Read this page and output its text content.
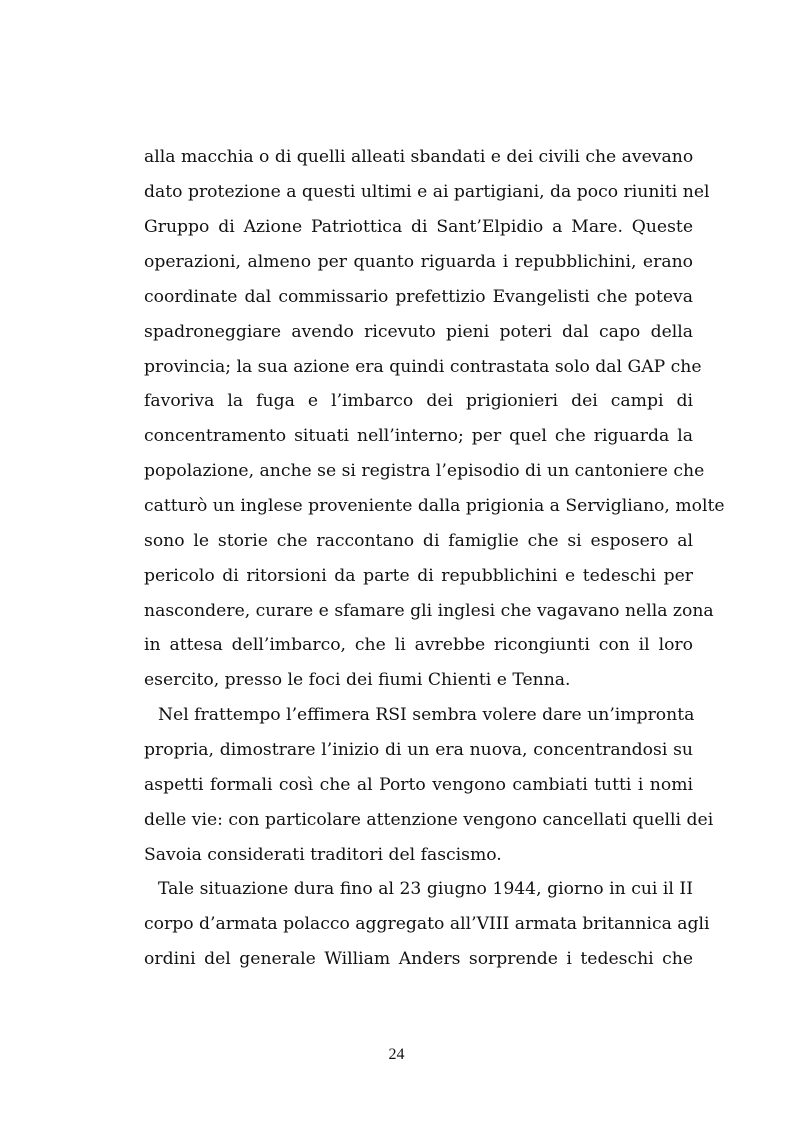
alla macchia o di quelli alleati sbandati e dei civili che avevano
dato protezione a questi ultimi e ai partigiani, da poco riuniti nel
Gruppo di Azione Patriottica di Sant’Elpidio a Mare. Queste
operazioni, almeno per quanto riguarda i repubblichini, erano
coordinate dal commissario prefettizio Evangelisti che poteva
spadroneggiare avendo ricevuto pieni poteri dal capo della
provincia; la sua azione era quindi contrastata solo dal GAP che
favoriva la fuga e l’imbarco dei prigionieri dei campi di
concentramento situati nell’interno; per quel che riguarda la
popolazione, anche se si registra l’episodio di un cantoniere che
catturò un inglese proveniente dalla prigionia a Servigliano, molte
sono le storie che raccontano di famiglie che si esposero al
pericolo di ritorsioni da parte di repubblichini e tedeschi per
nascondere, curare e sfamare gli inglesi che vagavano nella zona
in attesa dell’imbarco, che li avrebbe ricongiunti con il loro
esercito, presso le foci dei fiumi Chienti e Tenna.
Nel frattempo l’effimera RSI sembra volere dare un’impronta
propria, dimostrare l’inizio di un era nuova, concentrandosi su
aspetti formali così che al Porto vengono cambiati tutti i nomi
delle vie: con particolare attenzione vengono cancellati quelli dei
Savoia considerati traditori del fascismo.
Tale situazione dura fino al 23 giugno 1944, giorno in cui il II
corpo d’armata polacco aggregato all’VIII armata britannica agli
ordini del generale William Anders sorprende i tedeschi che
24
